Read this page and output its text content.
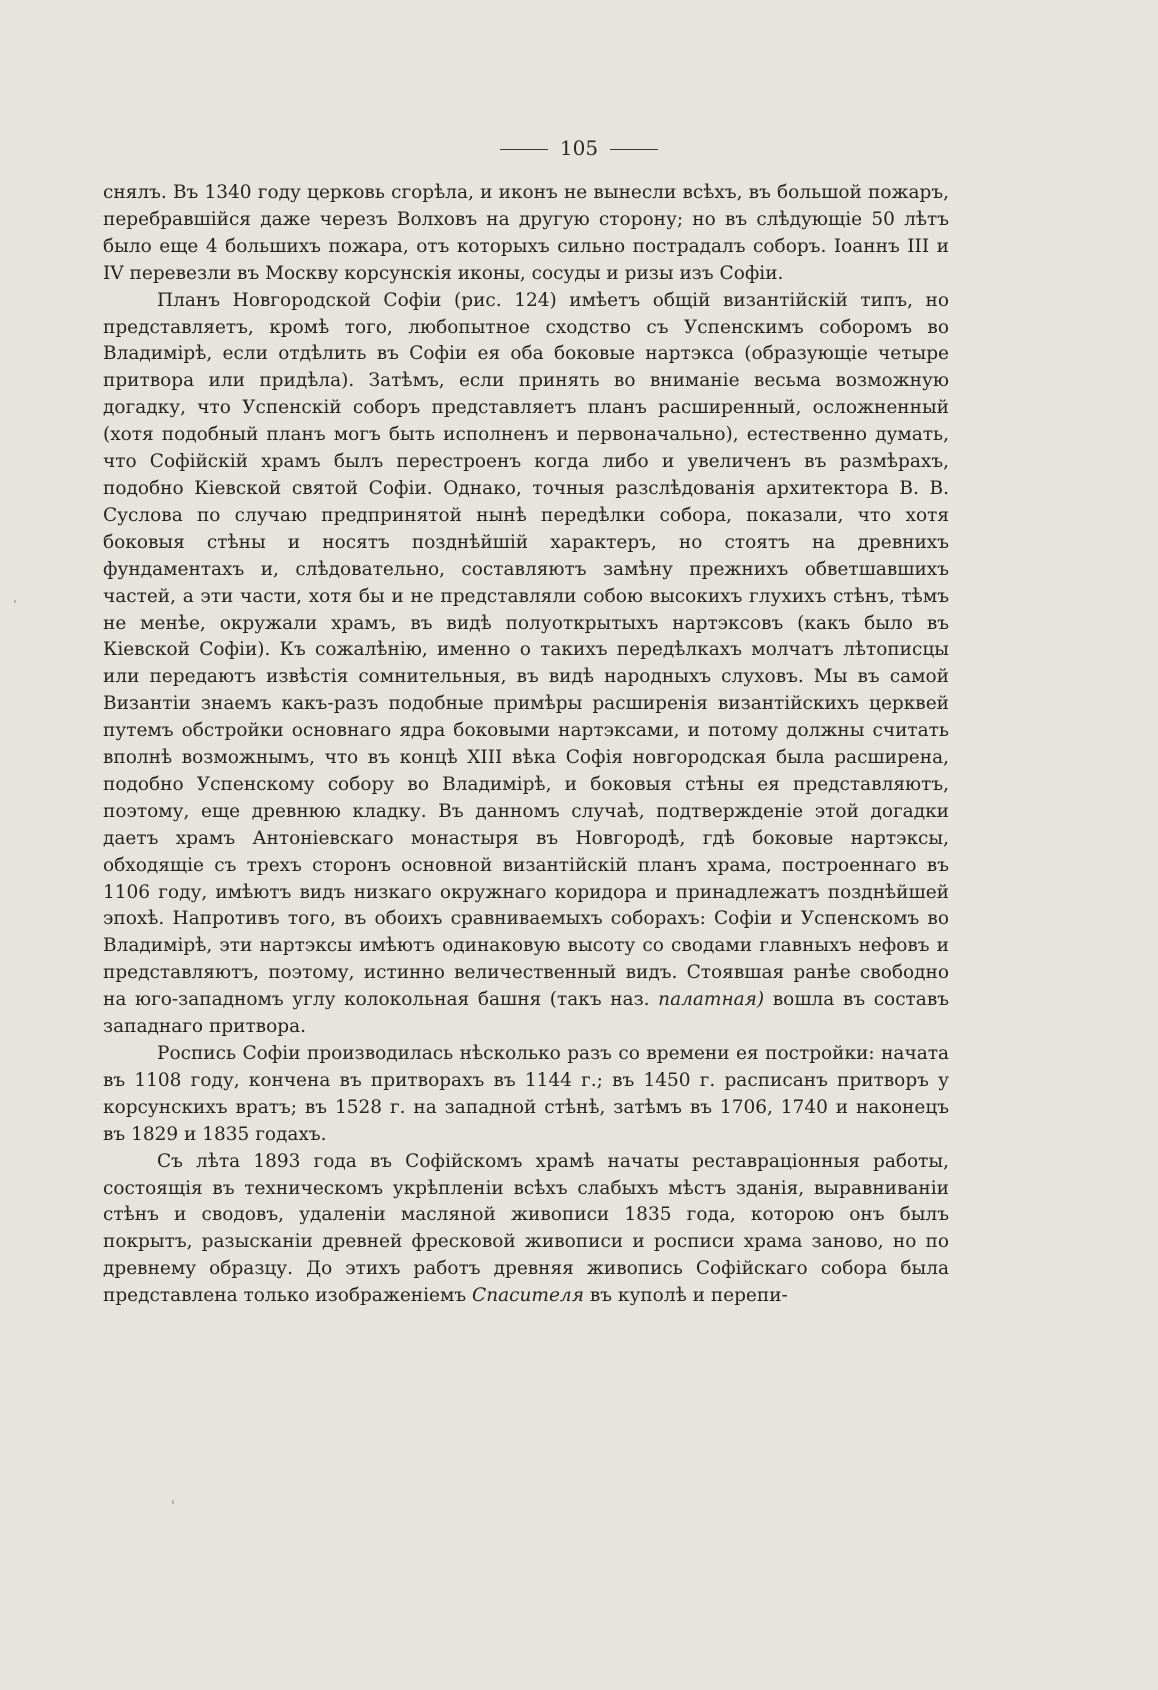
105

снялъ. Въ 1340 году церковь сгорѣла, и иконъ не вынесли всѣхъ, въ большой пожаръ, перебравшійся даже черезъ Волховъ на другую сторону; но въ слѣдующіе 50 лѣтъ было еще 4 большихъ пожара, отъ которыхъ сильно пострадалъ соборъ. Іоаннъ III и IV перевезли въ Москву корсунскія иконы, сосуды и ризы изъ Софіи.

Планъ Новгородской Софіи (рис. 124) имѣетъ общій византійскій типъ, но представляетъ, кромѣ того, любопытное сходство съ Успенскимъ соборомъ во Владимірѣ, если отдѣлить въ Софіи ея оба боковые нартэкса (образующіе четыре притвора или придѣла). Затѣмъ, если принять во вниманіе весьма возможную догадку, что Успенскій соборъ представляетъ планъ расширенный, осложненный (хотя подобный планъ могъ быть исполненъ и первоначально), естественно думать, что Софійскій храмъ былъ перестроенъ когда либо и увеличенъ въ размѣрахъ, подобно Кіевской святой Софіи. Однако, точныя разслѣдованія архитектора В. В. Суслова по случаю предпринятой нынѣ передѣлки собора, показали, что хотя боковыя стѣны и носятъ позднѣйшій характеръ, но стоятъ на древнихъ фундаментахъ и, слѣдовательно, составляютъ замѣну прежнихъ обветшавшихъ частей, а эти части, хотя бы и не представляли собою высокихъ глухихъ стѣнъ, тѣмъ не менѣе, окружали храмъ, въ видѣ полуоткрытыхъ нартэксовъ (какъ было въ Кіевской Софіи). Къ сожалѣнію, именно о такихъ передѣлкахъ молчатъ лѣтописцы или передаютъ извѣстія сомнительныя, въ видѣ народныхъ слуховъ. Мы въ самой Византіи знаемъ какъ-разъ подобные примѣры расширенія византійскихъ церквей путемъ обстройки основнаго ядра боковыми нартэксами, и потому должны считать вполнѣ возможнымъ, что въ концѣ XIII вѣка Софія новгородская была расширена, подобно Успенскому собору во Владимірѣ, и боковыя стѣны ея представляютъ, поэтому, еще древнюю кладку. Въ данномъ случаѣ, подтвержденіе этой догадки даетъ храмъ Антоніевскаго монастыря въ Новгородѣ, гдѣ боковые нартэксы, обходящіе съ трехъ сторонъ основной византійскій планъ храма, построеннаго въ 1106 году, имѣютъ видъ низкаго окружнаго коридора и принадлежатъ позднѣйшей эпохѣ. Напротивъ того, въ обоихъ сравниваемыхъ соборахъ: Софіи и Успенскомъ во Владимірѣ, эти нартэксы имѣютъ одинаковую высоту со сводами главныхъ нефовъ и представляютъ, поэтому, истинно величественный видъ. Стоявшая ранѣе свободно на юго-западномъ углу колокольная башня (такъ наз. палатная) вошла въ составъ западнаго притвора.

Роспись Софіи производилась нѣсколько разъ со времени ея постройки: начата въ 1108 году, кончена въ притворахъ въ 1144 г.; въ 1450 г. расписанъ притворъ у корсунскихъ вратъ; въ 1528 г. на западной стѣнѣ, затѣмъ въ 1706, 1740 и наконецъ въ 1829 и 1835 годахъ.

Съ лѣта 1893 года въ Софійскомъ храмѣ начаты реставраціонныя работы, состоящія въ техническомъ укрѣпленіи всѣхъ слабыхъ мѣстъ зданія, выравниваніи стѣнъ и сводовъ, удаленіи масляной живописи 1835 года, которою онъ былъ покрытъ, разысканіи древней фресковой живописи и росписи храма заново, но по древнему образцу. До этихъ работъ древняя живопись Софійскаго собора была представлена только изображеніемъ Спасителя въ куполѣ и перепи-
